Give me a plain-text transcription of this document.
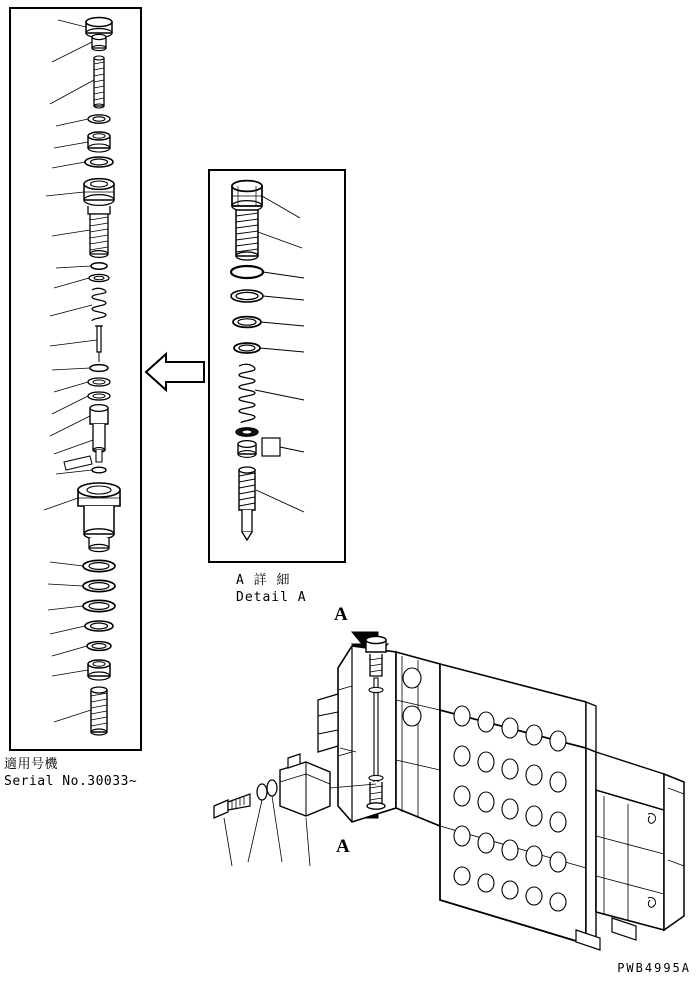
適用号機
Serial No.30033~
A 詳 細
Detail A
A
A
PWB4995A
